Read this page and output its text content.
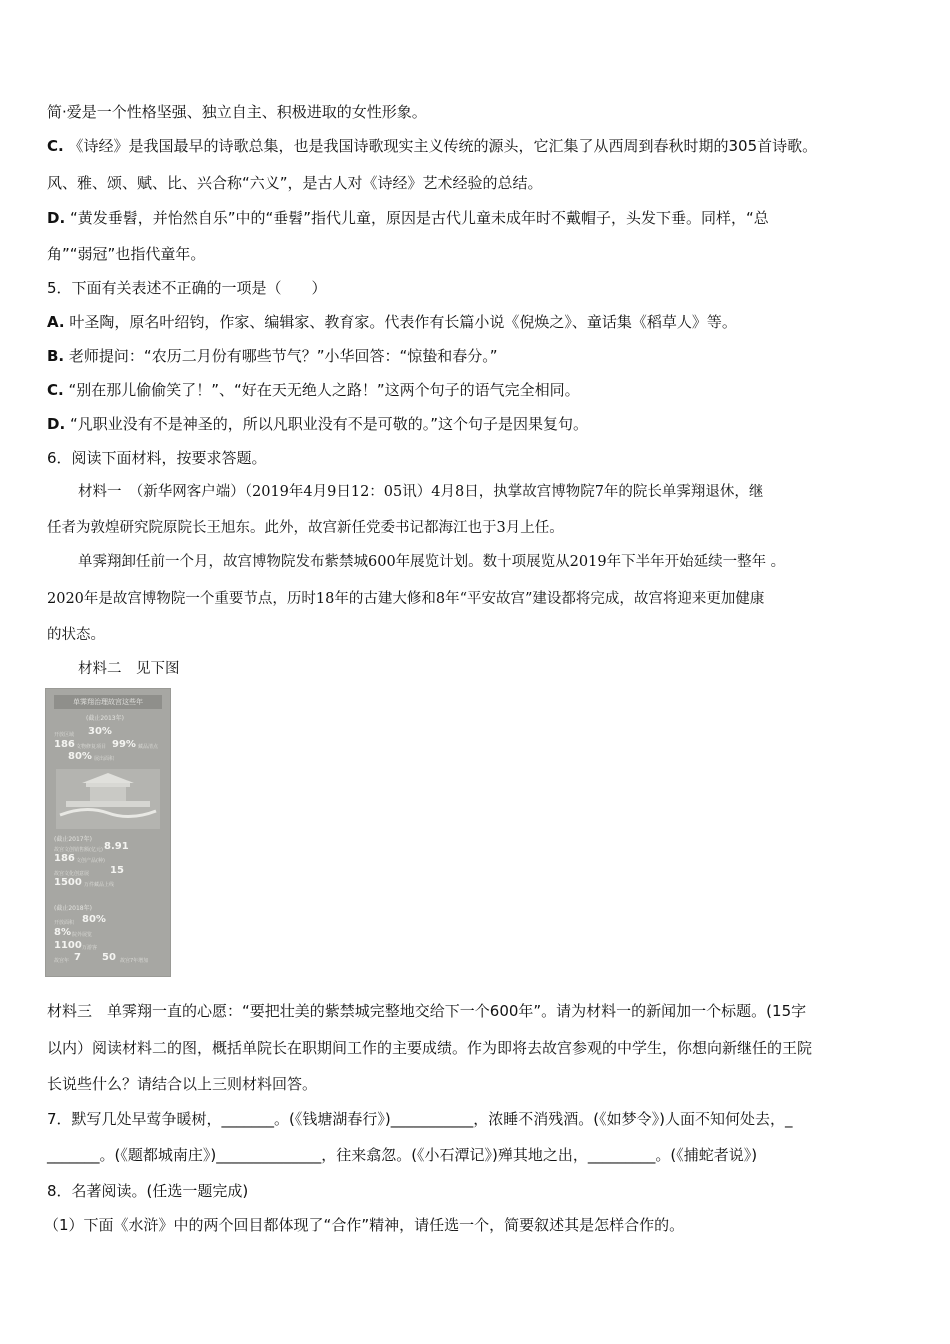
简·爱是一个性格坚强、独立自主、积极进取的女性形象。
C. 《诗经》是我国最早的诗歌总集，也是我国诗歌现实主义传统的源头，它汇集了从西周到春秋时期的305首诗歌。
风、雅、颂、赋、比、兴合称“六义”，是古人对《诗经》艺术经验的总结。
D. “黄发垂髫，并怡然自乐”中的“垂髫”指代儿童，原因是古代儿童未成年时不戴帽子，头发下垂。同样，“总
角”“弱冠”也指代童年。
5．下面有关表述不正确的一项是（　　）
A. 叶圣陶，原名叶绍钧，作家、编辑家、教育家。代表作有长篇小说《倪焕之》、童话集《稻草人》等。
B. 老师提问：“农历二月份有哪些节气？”小华回答：“惊蛰和春分。”
C. “别在那儿偷偷笑了！”、“好在天无绝人之路！”这两个句子的语气完全相同。
D. “凡职业没有不是神圣的，所以凡职业没有不是可敬的。”这个句子是因果复句。
6．阅读下面材料，按要求答题。
材料一　（新华网客户端）（2019年4月9日12：05讯）4月8日，执掌故宫博物院7年的院长单霁翔退休，继
任者为敦煌研究院原院长王旭东。此外，故宫新任党委书记都海江也于3月上任。
单霁翔卸任前一个月，故宫博物院发布紫禁城600年展览计划。数十项展览从2019年下半年开始延续一整年 。
2020年是故宫博物院一个重要节点，历时18年的古建大修和8年“平安故宫”建设都将完成，故宫将迎来更加健康
的状态。
材料二　见下图
单霁翔治理故宫这些年
(截止2013年)
开放区域 30%
186 文物修复项目 99% 藏品清点
80% 展出面积
(截止2017年)
故宫文创销售额(亿元) 8.91
186 文创产品(种)
故宫文化创意展 15
1500 万件藏品上线
(截止2018年)
开放面积 80%
8% 院外展览
1100 万游客
故宫年 7 50 故宫7年增加
材料三　单霁翔一直的心愿：“要把壮美的紫禁城完整地交给下一个600年”。请为材料一的新闻加一个标题。(15字
以内）阅读材料二的图，概括单院长在职期间工作的主要成绩。作为即将去故宫参观的中学生，你想向新继任的王院
长说些什么？请结合以上三则材料回答。
7．默写几处早莺争暖树，_______。(《钱塘湖春行》)___________，浓睡不消残酒。(《如梦令》)人面不知何处去，_
_______。(《题都城南庄》)______________，往来翕忽。(《小石潭记》)殚其地之出，_________。(《捕蛇者说》)
8．名著阅读。(任选一题完成)
（1）下面《水浒》中的两个回目都体现了“合作”精神，请任选一个，简要叙述其是怎样合作的。
